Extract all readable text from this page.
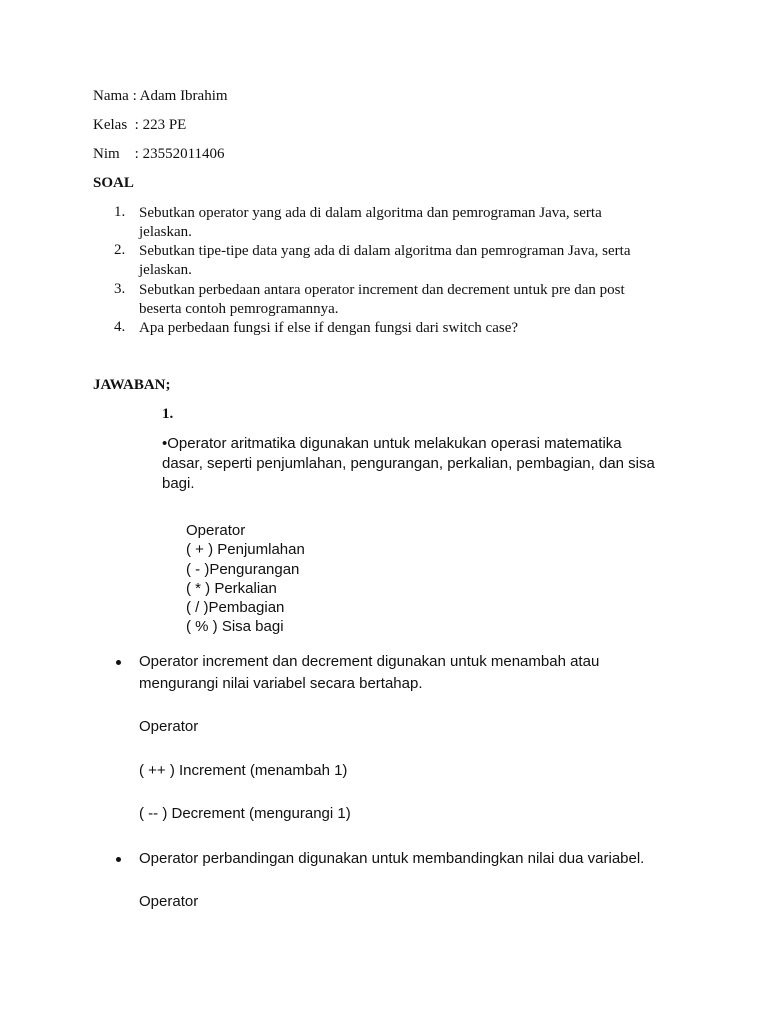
Nama : Adam Ibrahim
Kelas  : 223 PE
Nim    : 23552011406
SOAL
1. Sebutkan operator yang ada di dalam algoritma dan pemrograman Java, serta
jelaskan.
2. Sebutkan tipe-tipe data yang ada di dalam algoritma dan pemrograman Java, serta
jelaskan.
3. Sebutkan perbedaan antara operator increment dan decrement untuk pre dan post
beserta contoh pemrogramannya.
4. Apa perbedaan fungsi if else if dengan fungsi dari switch case?
JAWABAN;
1.
•Operator aritmatika digunakan untuk melakukan operasi matematika
dasar, seperti penjumlahan, pengurangan, perkalian, pembagian, dan sisa
bagi.
Operator
( + ) Penjumlahan
( - )Pengurangan
( * ) Perkalian
( / )Pembagian
( % ) Sisa bagi
Operator increment dan decrement digunakan untuk menambah atau
mengurangi nilai variabel secara bertahap.
Operator
( ++ ) Increment (menambah 1)
( -- ) Decrement (mengurangi 1)
Operator perbandingan digunakan untuk membandingkan nilai dua variabel.
Operator
